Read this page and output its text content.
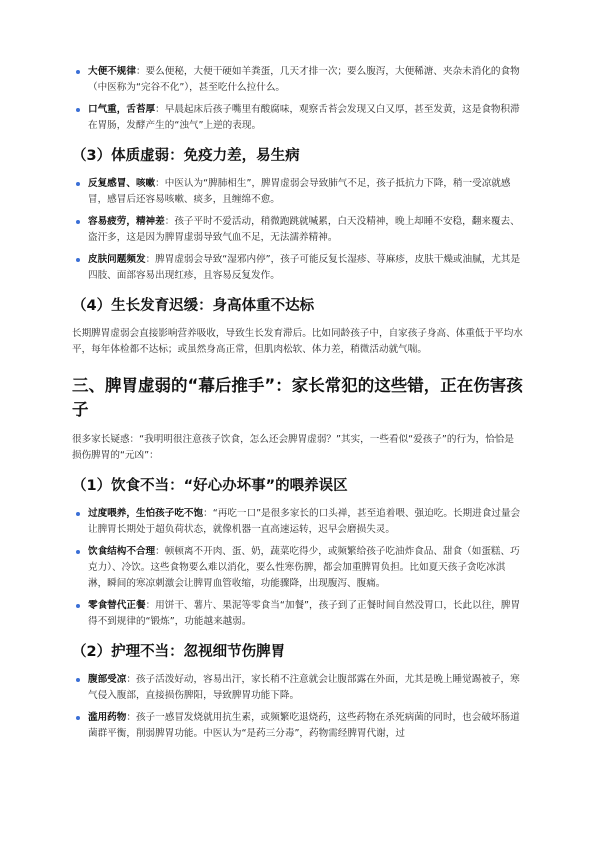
大便不规律：要么便秘，大便干硬如羊粪蛋，几天才排一次；要么腹泻，大便稀溏、夹杂未消化的食物（中医称为“完谷不化”），甚至吃什么拉什么。
口气重，舌苔厚：早晨起床后孩子嘴里有酸腐味，观察舌苔会发现又白又厚，甚至发黄，这是食物积滞在胃肠，发酵产生的“浊气”上逆的表现。
（3）体质虚弱：免疫力差，易生病
反复感冒、咳嗽：中医认为“脾肺相生”，脾胃虚弱会导致肺气不足，孩子抵抗力下降，稍一受凉就感冒，感冒后还容易咳嗽、痰多，且缠绵不愈。
容易疲劳，精神差：孩子平时不爱活动，稍微跑跳就喊累，白天没精神，晚上却睡不安稳，翻来覆去、盗汗多，这是因为脾胃虚弱导致气血不足，无法濡养精神。
皮肤问题频发：脾胃虚弱会导致“湿邪内停”，孩子可能反复长湿疹、荨麻疹，皮肤干燥或油腻，尤其是四肢、面部容易出现红疹，且容易反复发作。
（4）生长发育迟缓：身高体重不达标

长期脾胃虚弱会直接影响营养吸收，导致生长发育滞后。比如同龄孩子中，自家孩子身高、体重低于平均水平，每年体检都不达标；或虽然身高正常，但肌肉松软、体力差，稍微活动就气喘。

三、脾胃虚弱的“幕后推手”：家长常犯的这些错，正在伤害孩子

很多家长疑惑：“我明明很注意孩子饮食，怎么还会脾胃虚弱？”其实，一些看似“爱孩子”的行为，恰恰是损伤脾胃的“元凶”：

（1）饮食不当：“好心办坏事”的喂养误区
过度喂养，生怕孩子吃不饱：“再吃一口”是很多家长的口头禅，甚至追着喂、强迫吃。长期进食过量会让脾胃长期处于超负荷状态，就像机器一直高速运转，迟早会磨损失灵。
饮食结构不合理：顿顿离不开肉、蛋、奶，蔬菜吃得少，或频繁给孩子吃油炸食品、甜食（如蛋糕、巧克力）、冷饮。这些食物要么难以消化，要么性寒伤脾，都会加重脾胃负担。比如夏天孩子贪吃冰淇淋，瞬间的寒凉刺激会让脾胃血管收缩，功能骤降，出现腹泻、腹痛。
零食替代正餐：用饼干、薯片、果泥等零食当“加餐”，孩子到了正餐时间自然没胃口，长此以往，脾胃得不到规律的“锻炼”，功能越来越弱。
（2）护理不当：忽视细节伤脾胃
腹部受凉：孩子活泼好动，容易出汗，家长稍不注意就会让腹部露在外面，尤其是晚上睡觉踢被子，寒气侵入腹部，直接损伤脾阳，导致脾胃功能下降。
滥用药物：孩子一感冒发烧就用抗生素，或频繁吃退烧药，这些药物在杀死病菌的同时，也会破坏肠道菌群平衡，削弱脾胃功能。中医认为“是药三分毒”，药物需经脾胃代谢，过
